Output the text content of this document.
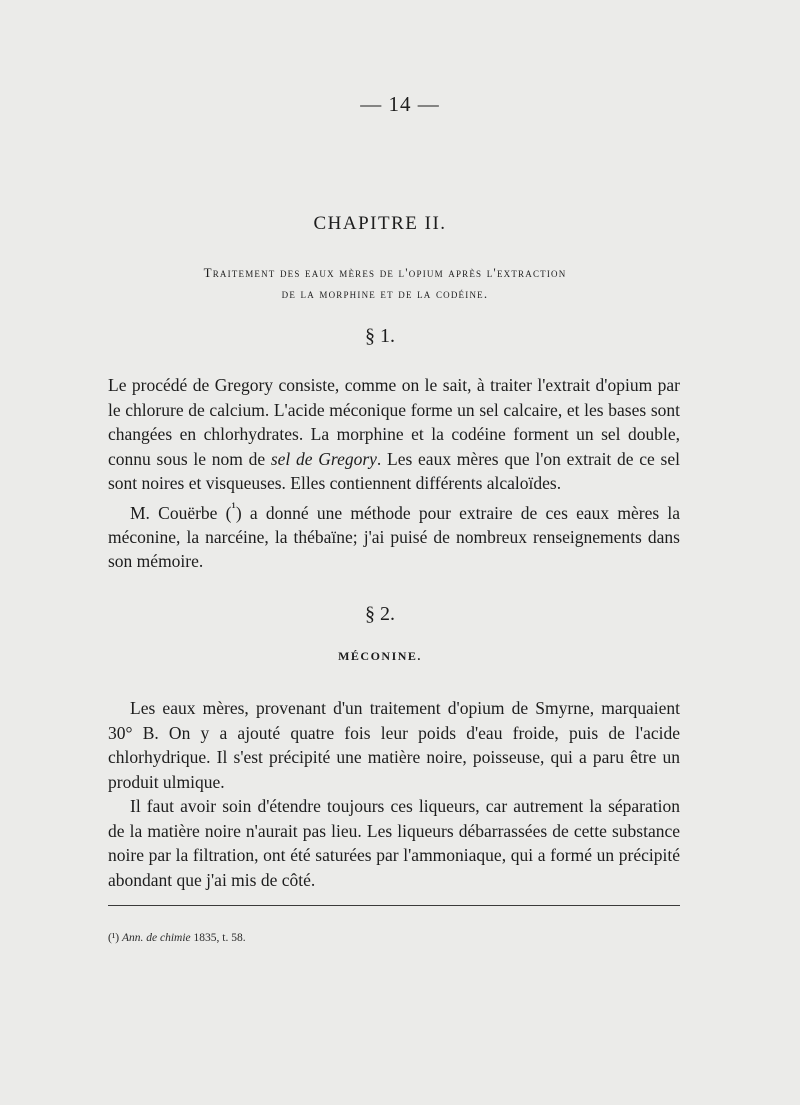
— 14 —
CHAPITRE II.
Traitement des eaux mères de l'opium après l'extraction
de la morphine et de la codéine.
§ 1.

Le procédé de Gregory consiste, comme on le sait, à traiter l'extrait d'opium par le chlorure de calcium. L'acide méconique forme un sel calcaire, et les bases sont changées en chlorhydrates. La morphine et la codéine forment un sel double, connu sous le nom de sel de Gregory. Les eaux mères que l'on extrait de ce sel sont noires et visqueuses. Elles contiennent différents alcaloïdes.

M. Couërbe ($^{^1}$) a donné une méthode pour extraire de ces eaux mères la méconine, la narcéine, la thébaïne; j'ai puisé de nombreux renseignements dans son mémoire.

§ 2.
MÉCONINE.

Les eaux mères, provenant d'un traitement d'opium de Smyrne, marquaient 30° B. On y a ajouté quatre fois leur poids d'eau froide, puis de l'acide chlorhydrique. Il s'est précipité une matière noire, poisseuse, qui a paru être un produit ulmique.

Il faut avoir soin d'étendre toujours ces liqueurs, car autrement la séparation de la matière noire n'aurait pas lieu. Les liqueurs débarrassées de cette substance noire par la filtration, ont été saturées par l'ammoniaque, qui a formé un précipité abondant que j'ai mis de côté.

(¹) Ann. de chimie 1835, t. 58.
